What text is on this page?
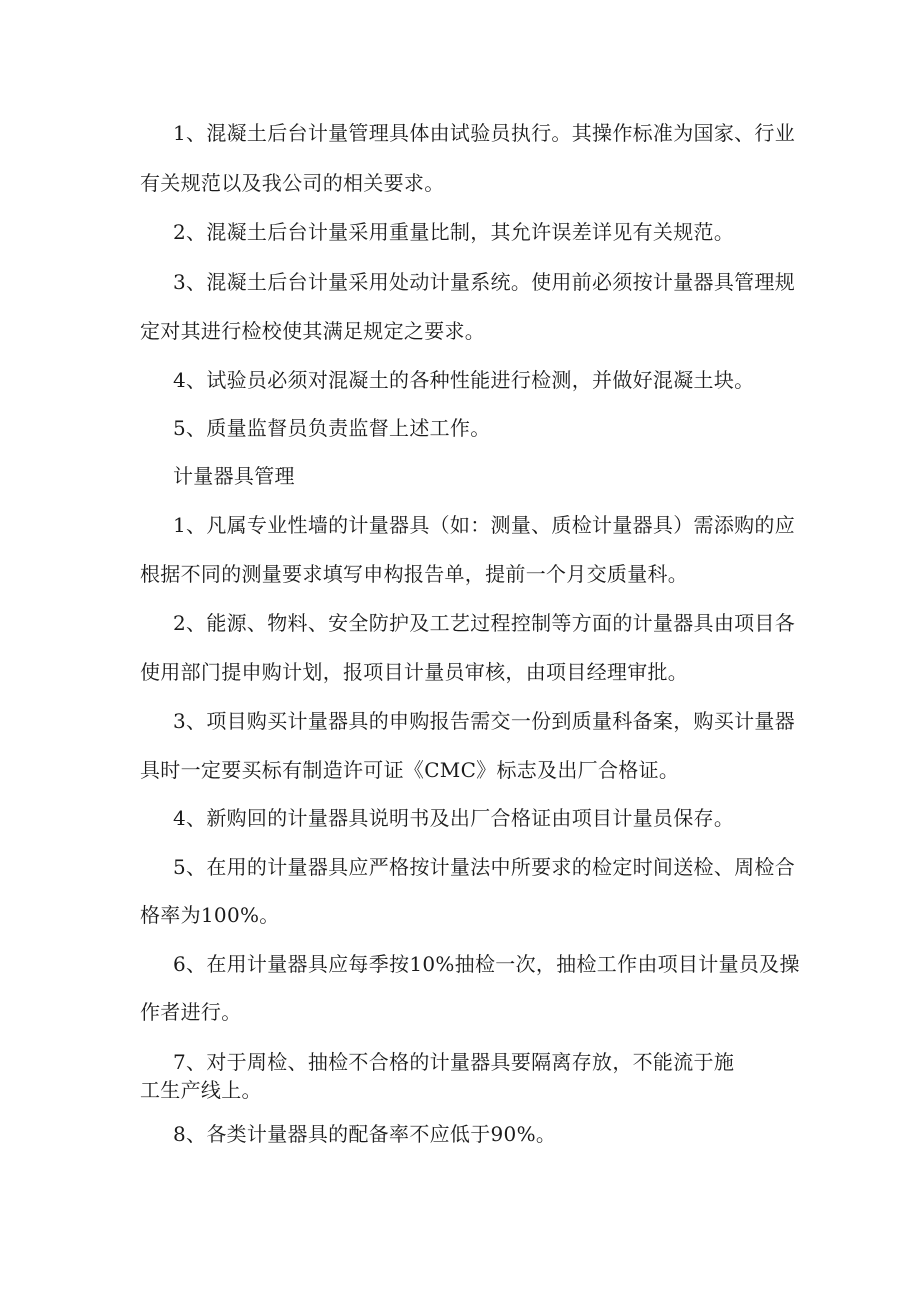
1、混凝土后台计量管理具体由试验员执行。其操作标准为国家、行业
有关规范以及我公司的相关要求。
2、混凝土后台计量采用重量比制，其允许误差详见有关规范。
3、混凝土后台计量采用处动计量系统。使用前必须按计量器具管理规
定对其进行检校使其满足规定之要求。
4、试验员必须对混凝土的各种性能进行检测，并做好混凝土块。
5、质量监督员负责监督上述工作。
计量器具管理
1、凡属专业性墙的计量器具（如：测量、质检计量器具）需添购的应
根据不同的测量要求填写申构报告单，提前一个月交质量科。
2、能源、物料、安全防护及工艺过程控制等方面的计量器具由项目各
使用部门提申购计划，报项目计量员审核，由项目经理审批。
3、项目购买计量器具的申购报告需交一份到质量科备案，购买计量器
具时一定要买标有制造许可证《CMC》标志及出厂合格证。
4、新购回的计量器具说明书及出厂合格证由项目计量员保存。
5、在用的计量器具应严格按计量法中所要求的检定时间送检、周检合
格率为100%。
6、在用计量器具应每季按10%抽检一次，抽检工作由项目计量员及操
作者进行。
7、对于周检、抽检不合格的计量器具要隔离存放，不能流于施
工生产线上。
8、各类计量器具的配备率不应低于90%。
